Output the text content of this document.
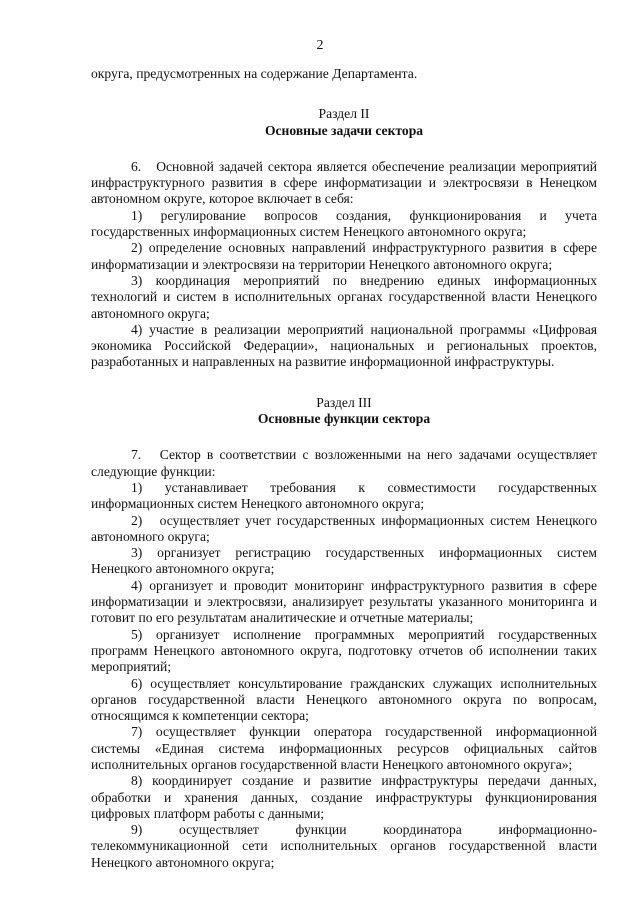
2

округа, предусмотренных на содержание Департамента.

Раздел II

Основные задачи сектора

6.   Основной задачей сектора является обеспечение реализации мероприятий инфраструктурного развития в сфере информатизации и электросвязи в Ненецком автономном округе, которое включает в себя:

1) регулирование вопросов создания, функционирования и учета государственных информационных систем Ненецкого автономного округа;

2) определение основных направлений инфраструктурного развития в сфере информатизации и электросвязи на территории Ненецкого автономного округа;

3) координация мероприятий по внедрению единых информационных технологий и систем в исполнительных органах государственной власти Ненецкого автономного округа;

4) участие в реализации мероприятий национальной программы «Цифровая экономика Российской Федерации», национальных и региональных проектов, разработанных и направленных на развитие информационной инфраструктуры.

Раздел III

Основные функции сектора

7.   Сектор в соответствии с возложенными на него задачами осуществляет следующие функции:

1) устанавливает требования к совместимости государственных информационных систем Ненецкого автономного округа;

2)   осуществляет учет государственных информационных систем Ненецкого автономного округа;

3) организует регистрацию государственных информационных систем Ненецкого автономного округа;

4) организует и проводит мониторинг инфраструктурного развития в сфере информатизации и электросвязи, анализирует результаты указанного мониторинга и готовит по его результатам аналитические и отчетные материалы;

5) организует исполнение программных мероприятий государственных программ Ненецкого автономного округа, подготовку отчетов об исполнении таких мероприятий;

6) осуществляет консультирование гражданских служащих исполнительных органов государственной власти Ненецкого автономного округа по вопросам, относящимся к компетенции сектора;

7) осуществляет функции оператора государственной информационной системы «Единая система информационных ресурсов официальных сайтов исполнительных органов государственной власти Ненецкого автономного округа»;

8) координирует создание и развитие инфраструктуры передачи данных, обработки и хранения данных, создание инфраструктуры функционирования цифровых платформ работы с данными;

9) осуществляет функции координатора информационно-телекоммуникационной сети исполнительных органов государственной власти Ненецкого автономного округа;
